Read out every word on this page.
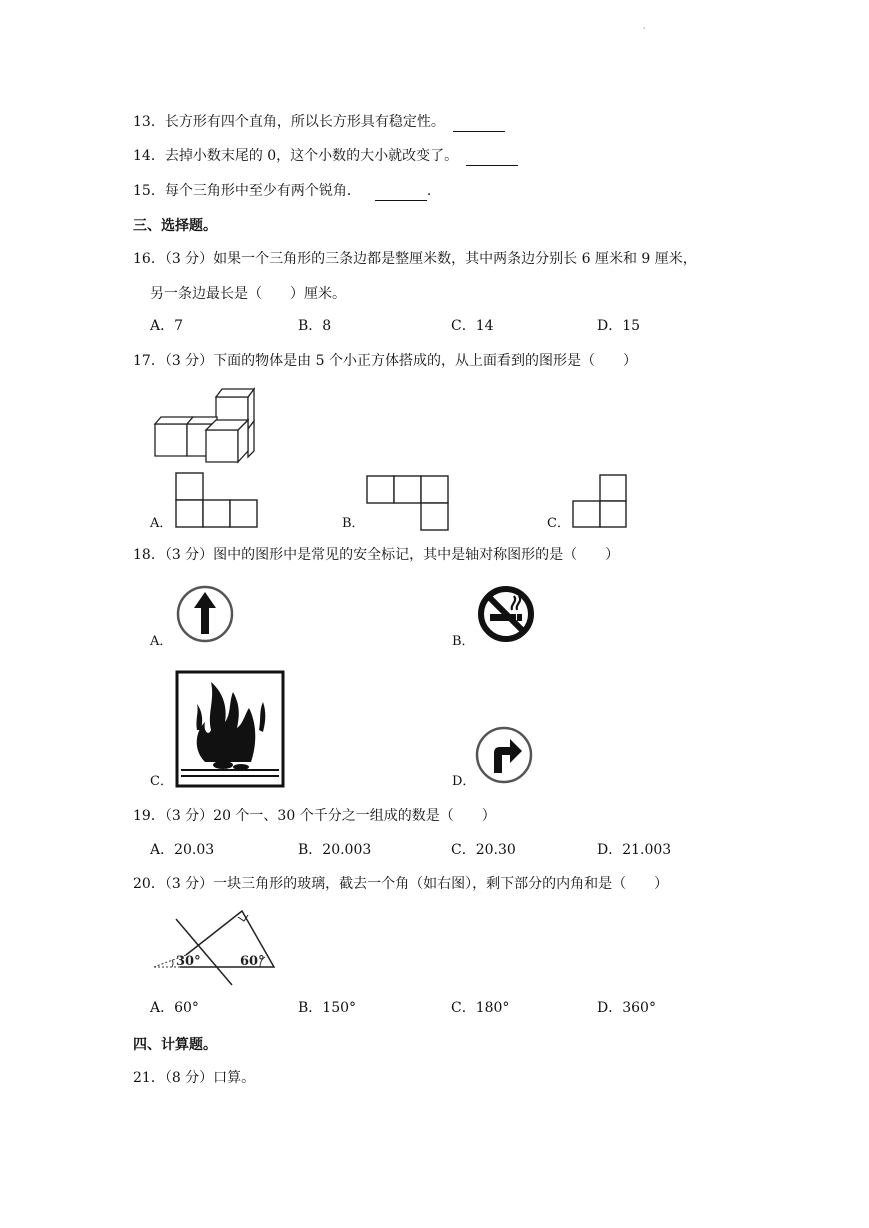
'
13．长方形有四个直角，所以长方形具有稳定性。
14．去掉小数末尾的 0，这个小数的大小就改变了。
15．每个三角形中至少有两个锐角．	.
三、选择题。
16．（3 分）如果一个三角形的三条边都是整厘米数，其中两条边分别长 6 厘米和 9 厘米，
另一条边最长是（　　）厘米。
A．7	B．8	C．14	D．15
17．（3 分）下面的物体是由 5 个小正方体搭成的，从上面看到的图形是（　　）
A．	B．	C．
18．（3 分）图中的图形中是常见的安全标记，其中是轴对称图形的是（　　）
A．	B．
C．	D．
19．（3 分）20 个一、30 个千分之一组成的数是（　　）
A．20.03	B．20.003	C．20.30	D．21.003
20．（3 分）一块三角形的玻璃，截去一个角（如右图），剩下部分的内角和是（　　）
30°	60°
A．60°	B．150°	C．180°	D．360°
四、计算题。
21．（8 分）口算。
